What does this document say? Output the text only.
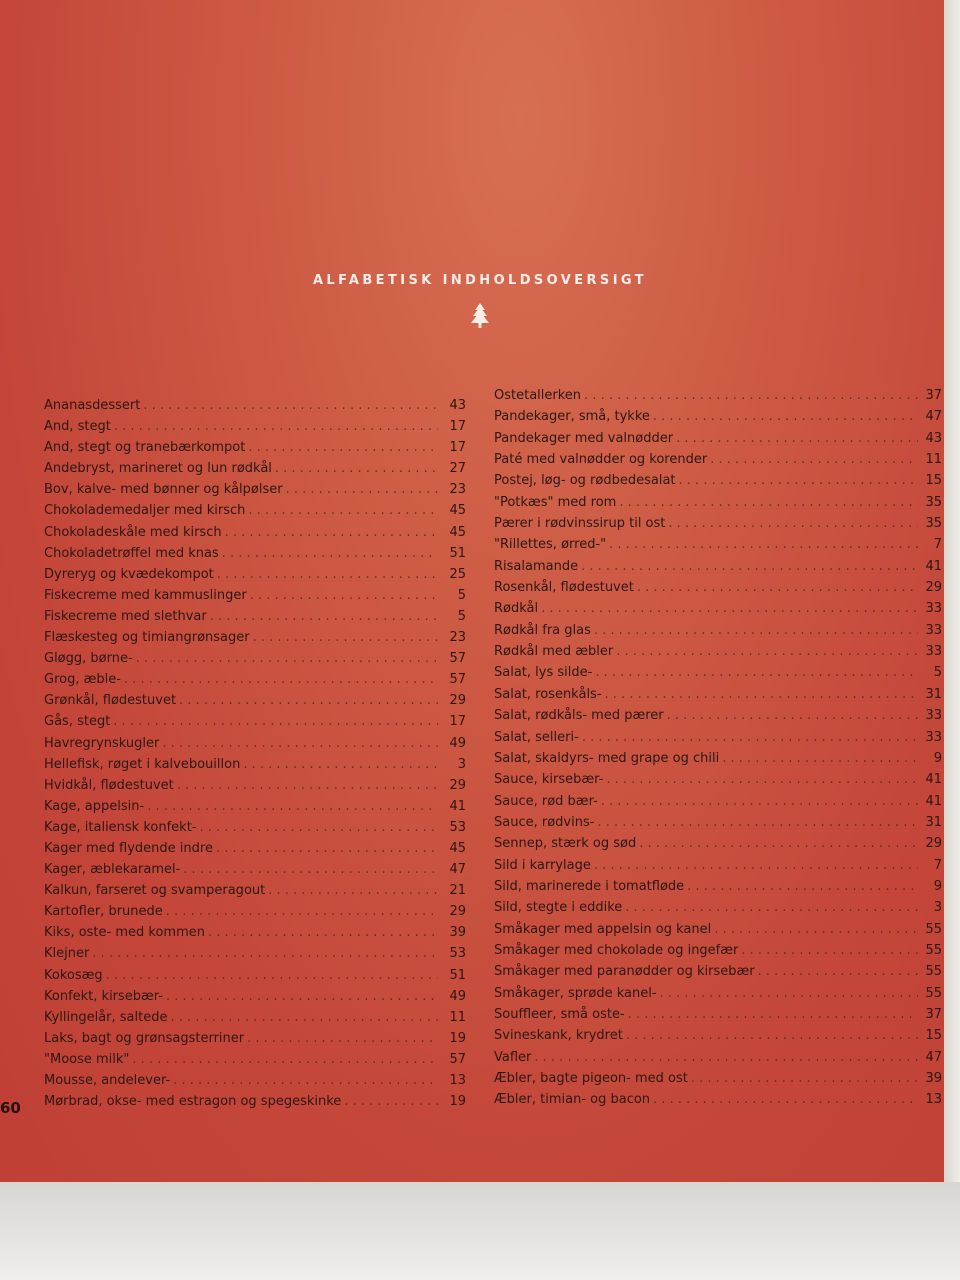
ALFABETISK INDHOLDSOVERSIGT
Ananasdessert . . .	43
And, stegt . . .	17
And, stegt og tranebærkompot . . .	17
Andebryst, marineret og lun rødkål . . .	27
Bov, kalve- med bønner og kålpølser . . .	23
Chokolademedaljer med kirsch . . .	45
Chokoladeskåle med kirsch . . .	45
Chokoladetrøffel med knas . . .	51
Dyreryg og kvædekompot . . .	25
Fiskecreme med kammuslinger . . .	5
Fiskecreme med slethvar . . .	5
Flæskesteg og timiangrønsager . . .	23
Gløgg, børne- . . .	57
Grog, æble- . . .	57
Grønkål, flødestuvet . . .	29
Gås, stegt . . .	17
Havregrynskugler . . .	49
Hellefisk, røget i kalvebouillon . . .	3
Hvidkål, flødestuvet . . .	29
Kage, appelsin- . . .	41
Kage, italiensk konfekt- . . .	53
Kager med flydende indre . . .	45
Kager, æblekaramel- . . .	47
Kalkun, farseret og svamperagout . . .	21
Kartofler, brunede . . .	29
Kiks, oste- med kommen . . .	39
Klejner . . .	53
Kokosæg . . .	51
Konfekt, kirsebær- . . .	49
Kyllingelår, saltede . . .	11
Laks, bagt og grønsagsterriner . . .	19
"Moose milk" . . .	57
Mousse, andelever- . . .	13
Mørbrad, okse- med estragon og spegeskinke . . .	19
Ostetallerken . . .	37
Pandekager, små, tykke . . .	47
Pandekager med valnødder . . .	43
Paté med valnødder og korender . . .	11
Postej, løg- og rødbedesalat . . .	15
"Potkæs" med rom . . .	35
Pærer i rødvinssirup til ost . . .	35
"Rillettes, ørred-" . . .	7
Risalamande . . .	41
Rosenkål, flødestuvet . . .	29
Rødkål . . .	33
Rødkål fra glas . . .	33
Rødkål med æbler . . .	33
Salat, lys silde- . . .	5
Salat, rosenkåls- . . .	31
Salat, rødkåls- med pærer . . .	33
Salat, selleri- . . .	33
Salat, skaldyrs- med grape og chili . . .	9
Sauce, kirsebær- . . .	41
Sauce, rød bær- . . .	41
Sauce, rødvins- . . .	31
Sennep, stærk og sød . . .	29
Sild i karrylage . . .	7
Sild, marinerede i tomatfløde . . .	9
Sild, stegte i eddike . . .	3
Småkager med appelsin og kanel . . .	55
Småkager med chokolade og ingefær . . .	55
Småkager med paranødder og kirsebær . . .	55
Småkager, sprøde kanel- . . .	55
Souffleer, små oste- . . .	37
Svineskank, krydret . . .	15
Vafler . . .	47
Æbler, bagte pigeon- med ost . . .	39
Æbler, timian- og bacon . . .	13
60
